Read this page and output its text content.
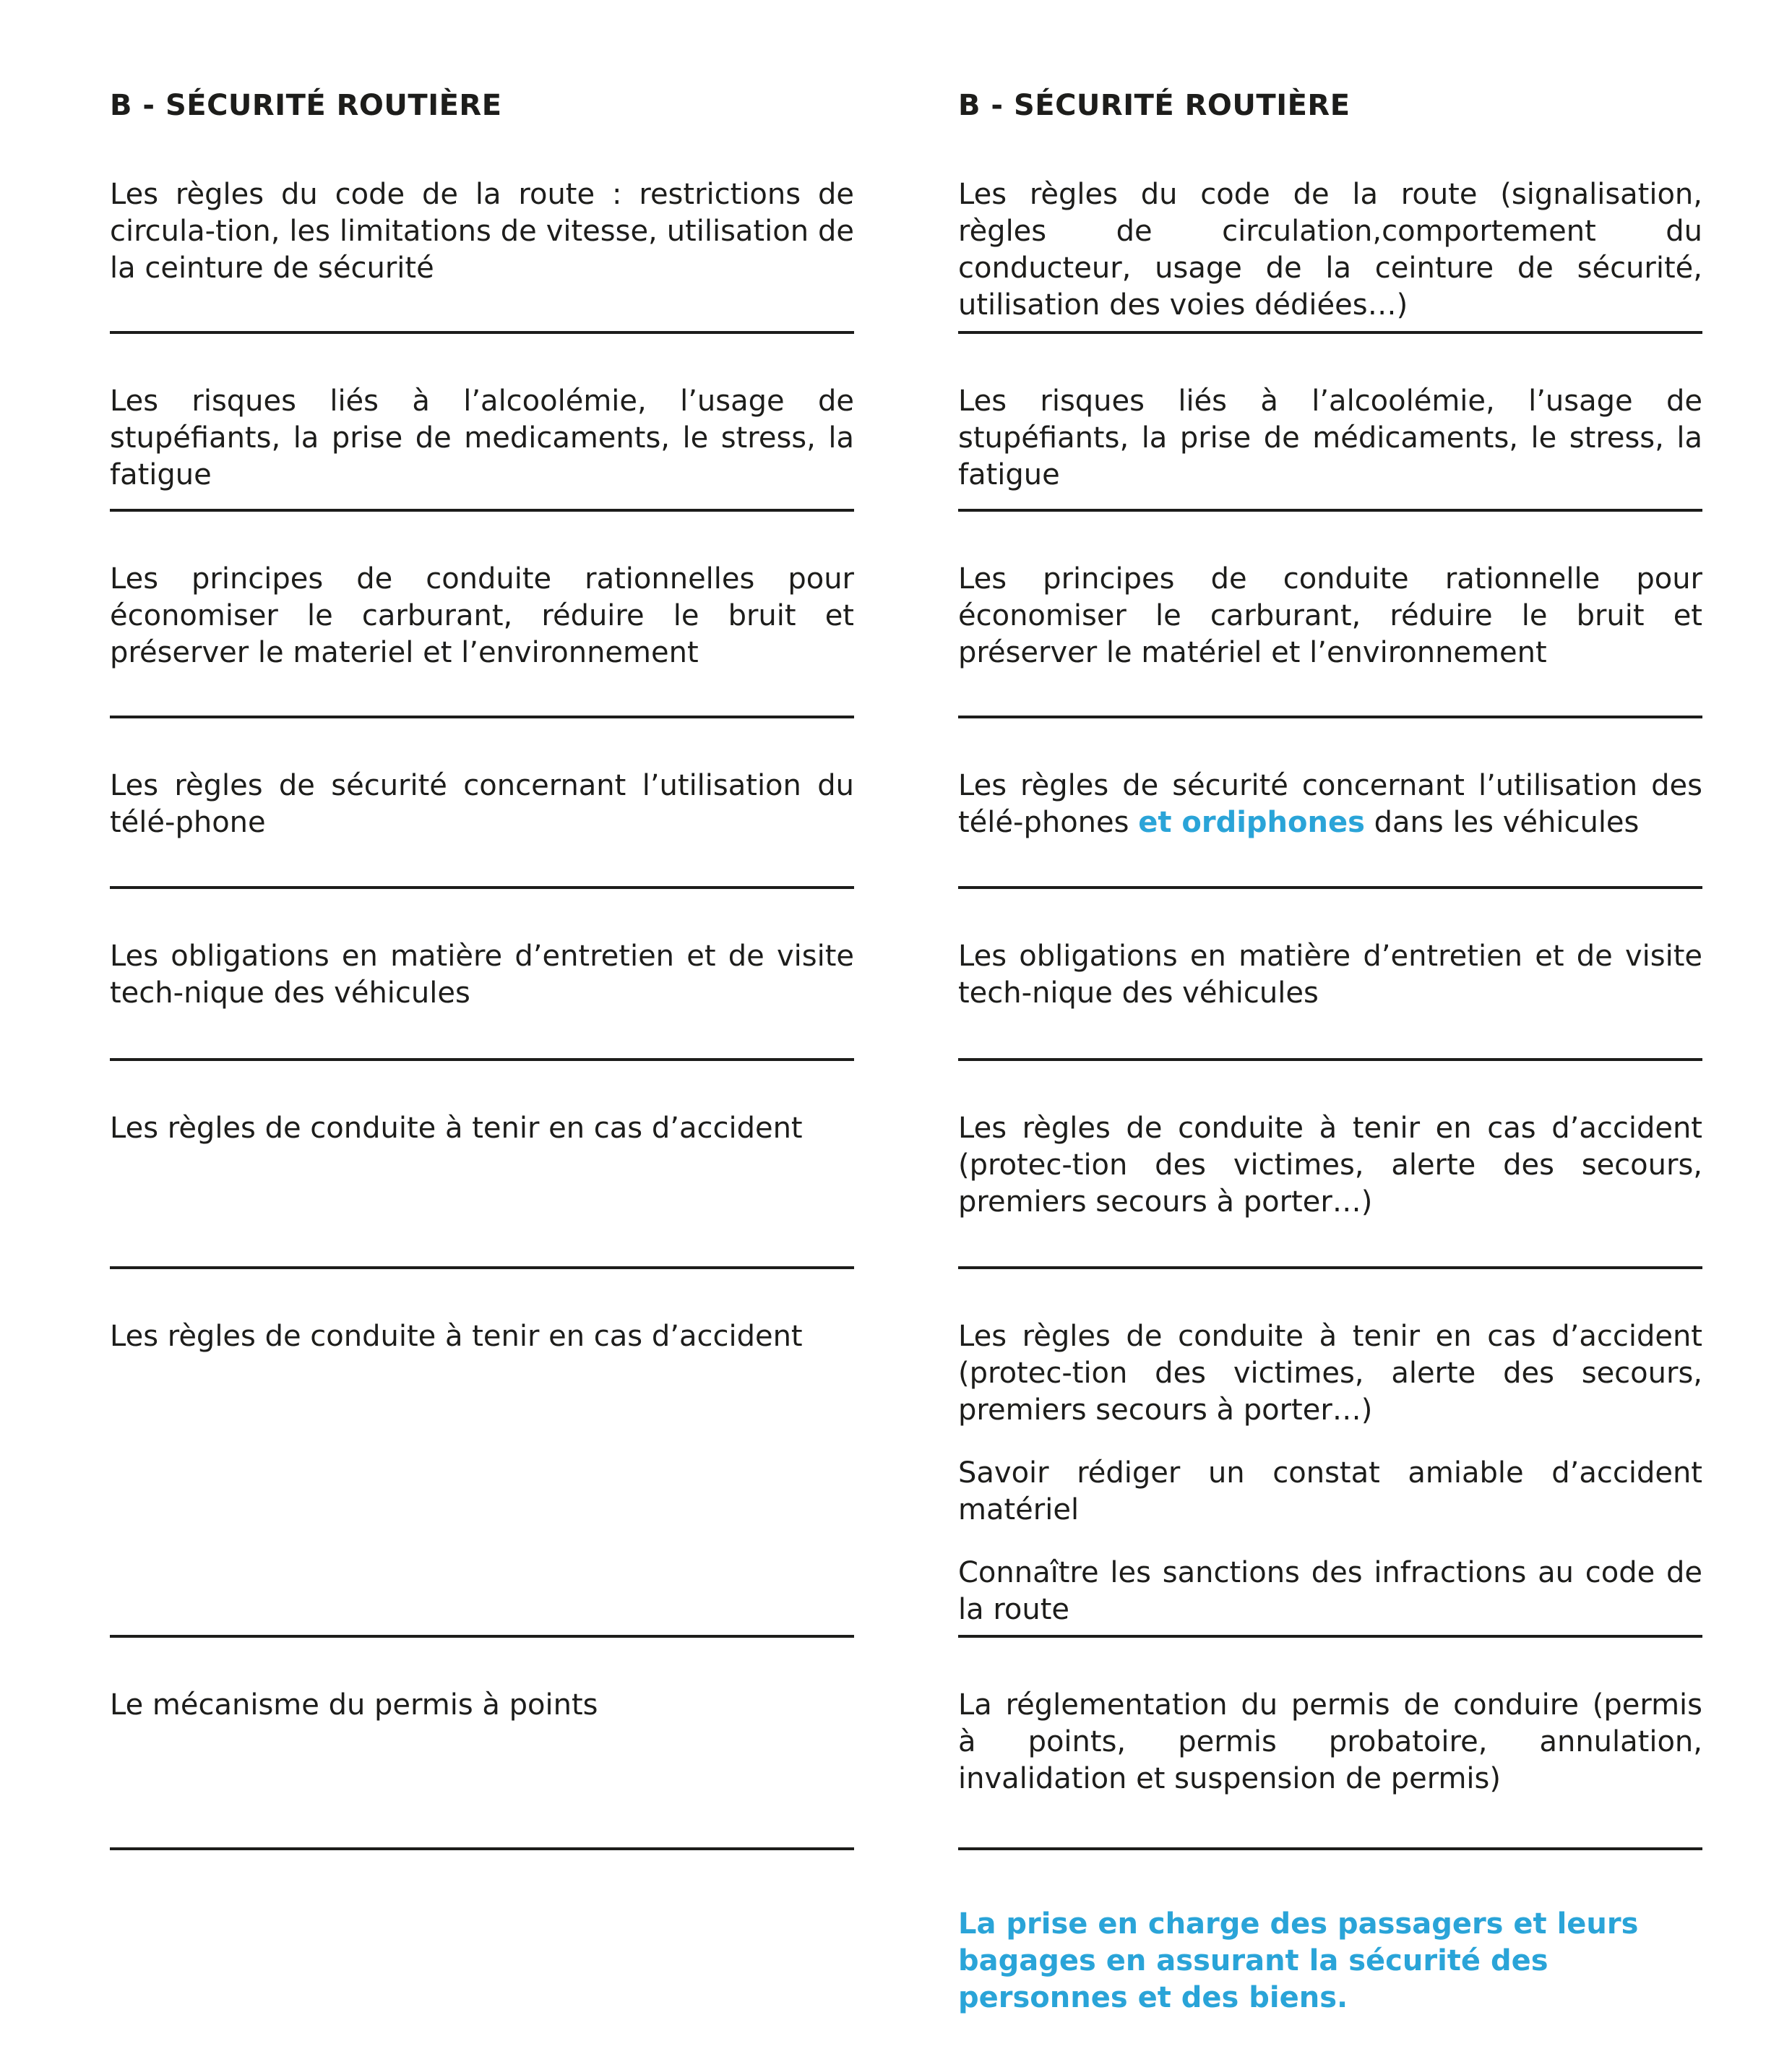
B - SÉCURITÉ ROUTIÈRE

Les règles du code de la route : restrictions de circula-tion, les limitations de vitesse, utilisation de la ceinture de sécurité

Les risques liés à l’alcoolémie, l’usage de stupéfiants, la prise de medicaments, le stress, la fatigue

Les principes de conduite rationnelles pour économiser le carburant, réduire le bruit et préserver le materiel et l’environnement

Les règles de sécurité concernant l’utilisation du télé-phone

Les obligations en matière d’entretien et de visite tech-nique des véhicules

Les règles de conduite à tenir en cas d’accident

Les règles de conduite à tenir en cas d’accident

Le mécanisme du permis à points

B - SÉCURITÉ ROUTIÈRE

Les règles du code de la route (signalisation, règles de circulation,comportement du conducteur, usage de la ceinture de sécurité, utilisation des voies dédiées…)

Les risques liés à l’alcoolémie, l’usage de stupéfiants, la prise de médicaments, le stress, la fatigue

Les principes de conduite rationnelle pour économiser le carburant, réduire le bruit et préserver le matériel et l’environnement

Les règles de sécurité concernant l’utilisation des télé-phones et ordiphones dans les véhicules

Les obligations en matière d’entretien et de visite tech-nique des véhicules

Les règles de conduite à tenir en cas d’accident (protec-tion des victimes, alerte des secours, premiers secours à porter…)

Les règles de conduite à tenir en cas d’accident (protec-tion des victimes, alerte des secours, premiers secours à porter…)

Savoir rédiger un constat amiable d’accident matériel

Connaître les sanctions des infractions au code de la route

La réglementation du permis de conduire (permis à points, permis probatoire, annulation, invalidation et suspension de permis)

La prise en charge des passagers et leurs bagages en assurant la sécurité des personnes et des biens.
